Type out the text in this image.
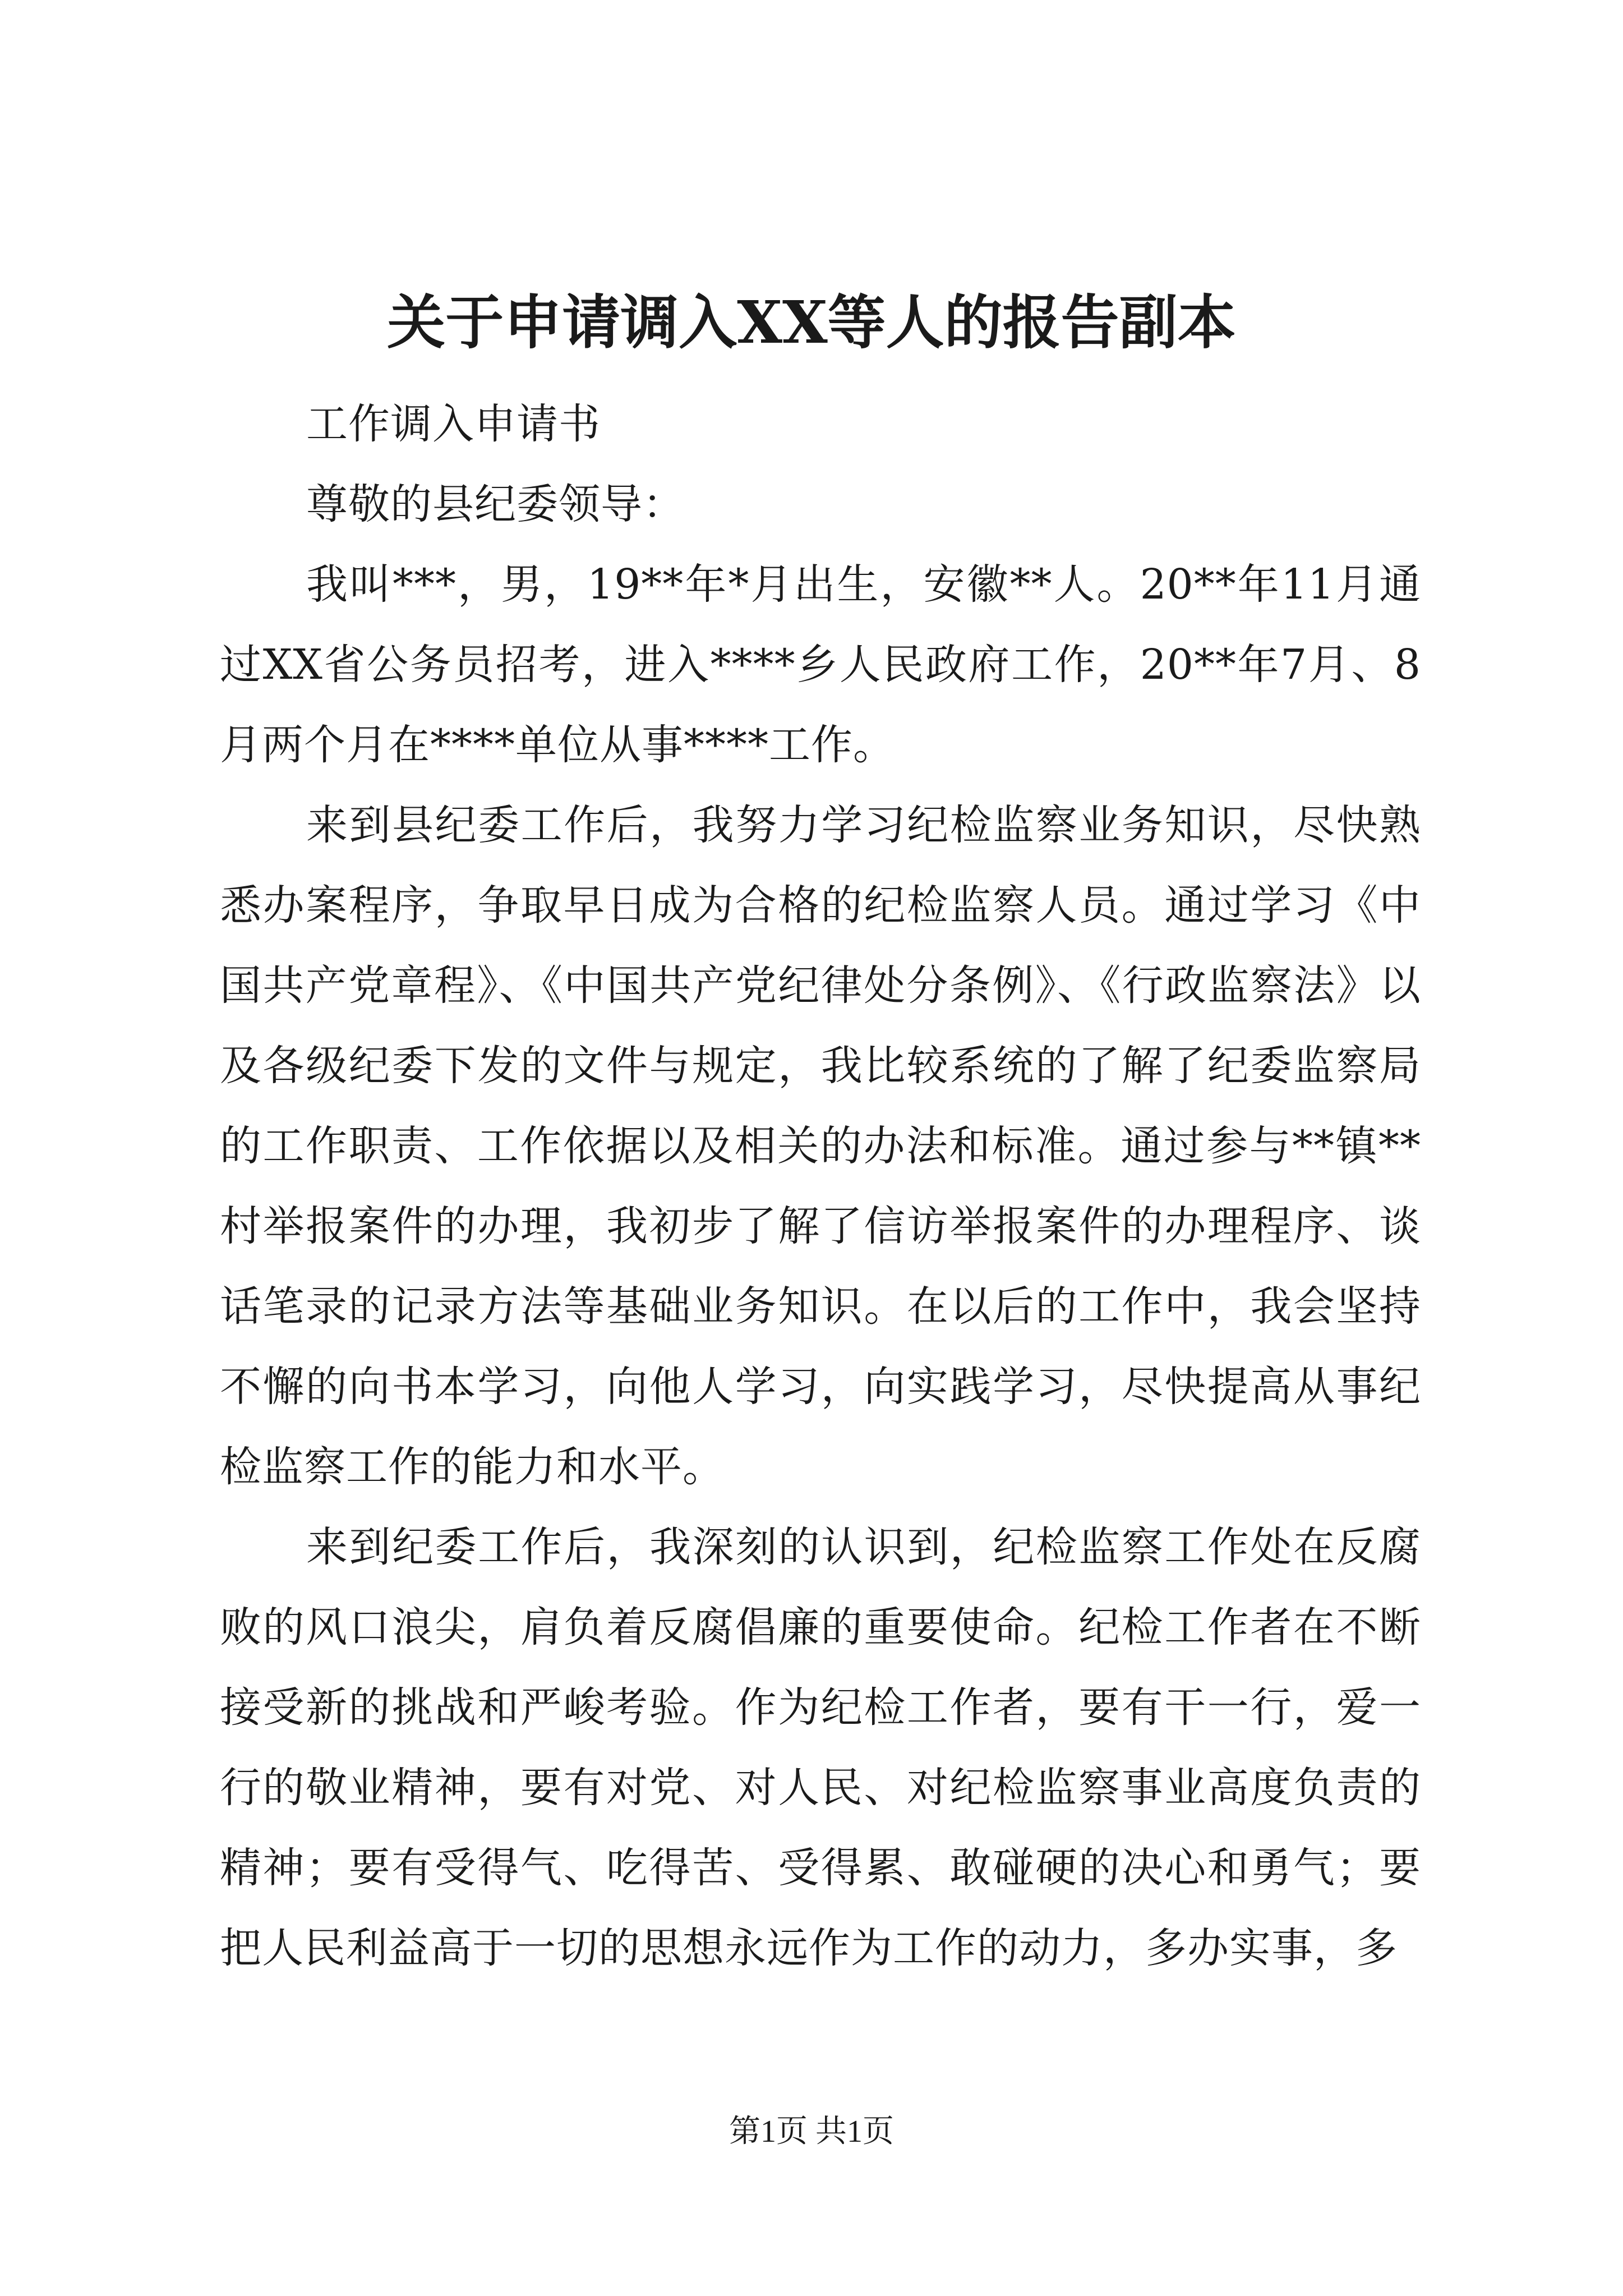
关于申请调入XX等人的报告副本

工作调入申请书

尊敬的县纪委领导：

我叫***，男，19**年*月出生，安徽**人。20**年11月通过XX省公务员招考，进入****乡人民政府工作，20**年7月、8月两个月在****单位从事****工作。

来到县纪委工作后，我努力学习纪检监察业务知识，尽快熟悉办案程序，争取早日成为合格的纪检监察人员。通过学习《中国共产党章程》、《中国共产党纪律处分条例》、《行政监察法》以及各级纪委下发的文件与规定，我比较系统的了解了纪委监察局的工作职责、工作依据以及相关的办法和标准。通过参与**镇**村举报案件的办理，我初步了解了信访举报案件的办理程序、谈话笔录的记录方法等基础业务知识。在以后的工作中，我会坚持不懈的向书本学习，向他人学习，向实践学习，尽快提高从事纪检监察工作的能力和水平。

来到纪委工作后，我深刻的认识到，纪检监察工作处在反腐败的风口浪尖，肩负着反腐倡廉的重要使命。纪检工作者在不断接受新的挑战和严峻考验。作为纪检工作者，要有干一行，爱一行的敬业精神，要有对党、对人民、对纪检监察事业高度负责的精神；要有受得气、吃得苦、受得累、敢碰硬的决心和勇气；要把人民利益高于一切的思想永远作为工作的动力，多办实事，多

第1页 共1页
